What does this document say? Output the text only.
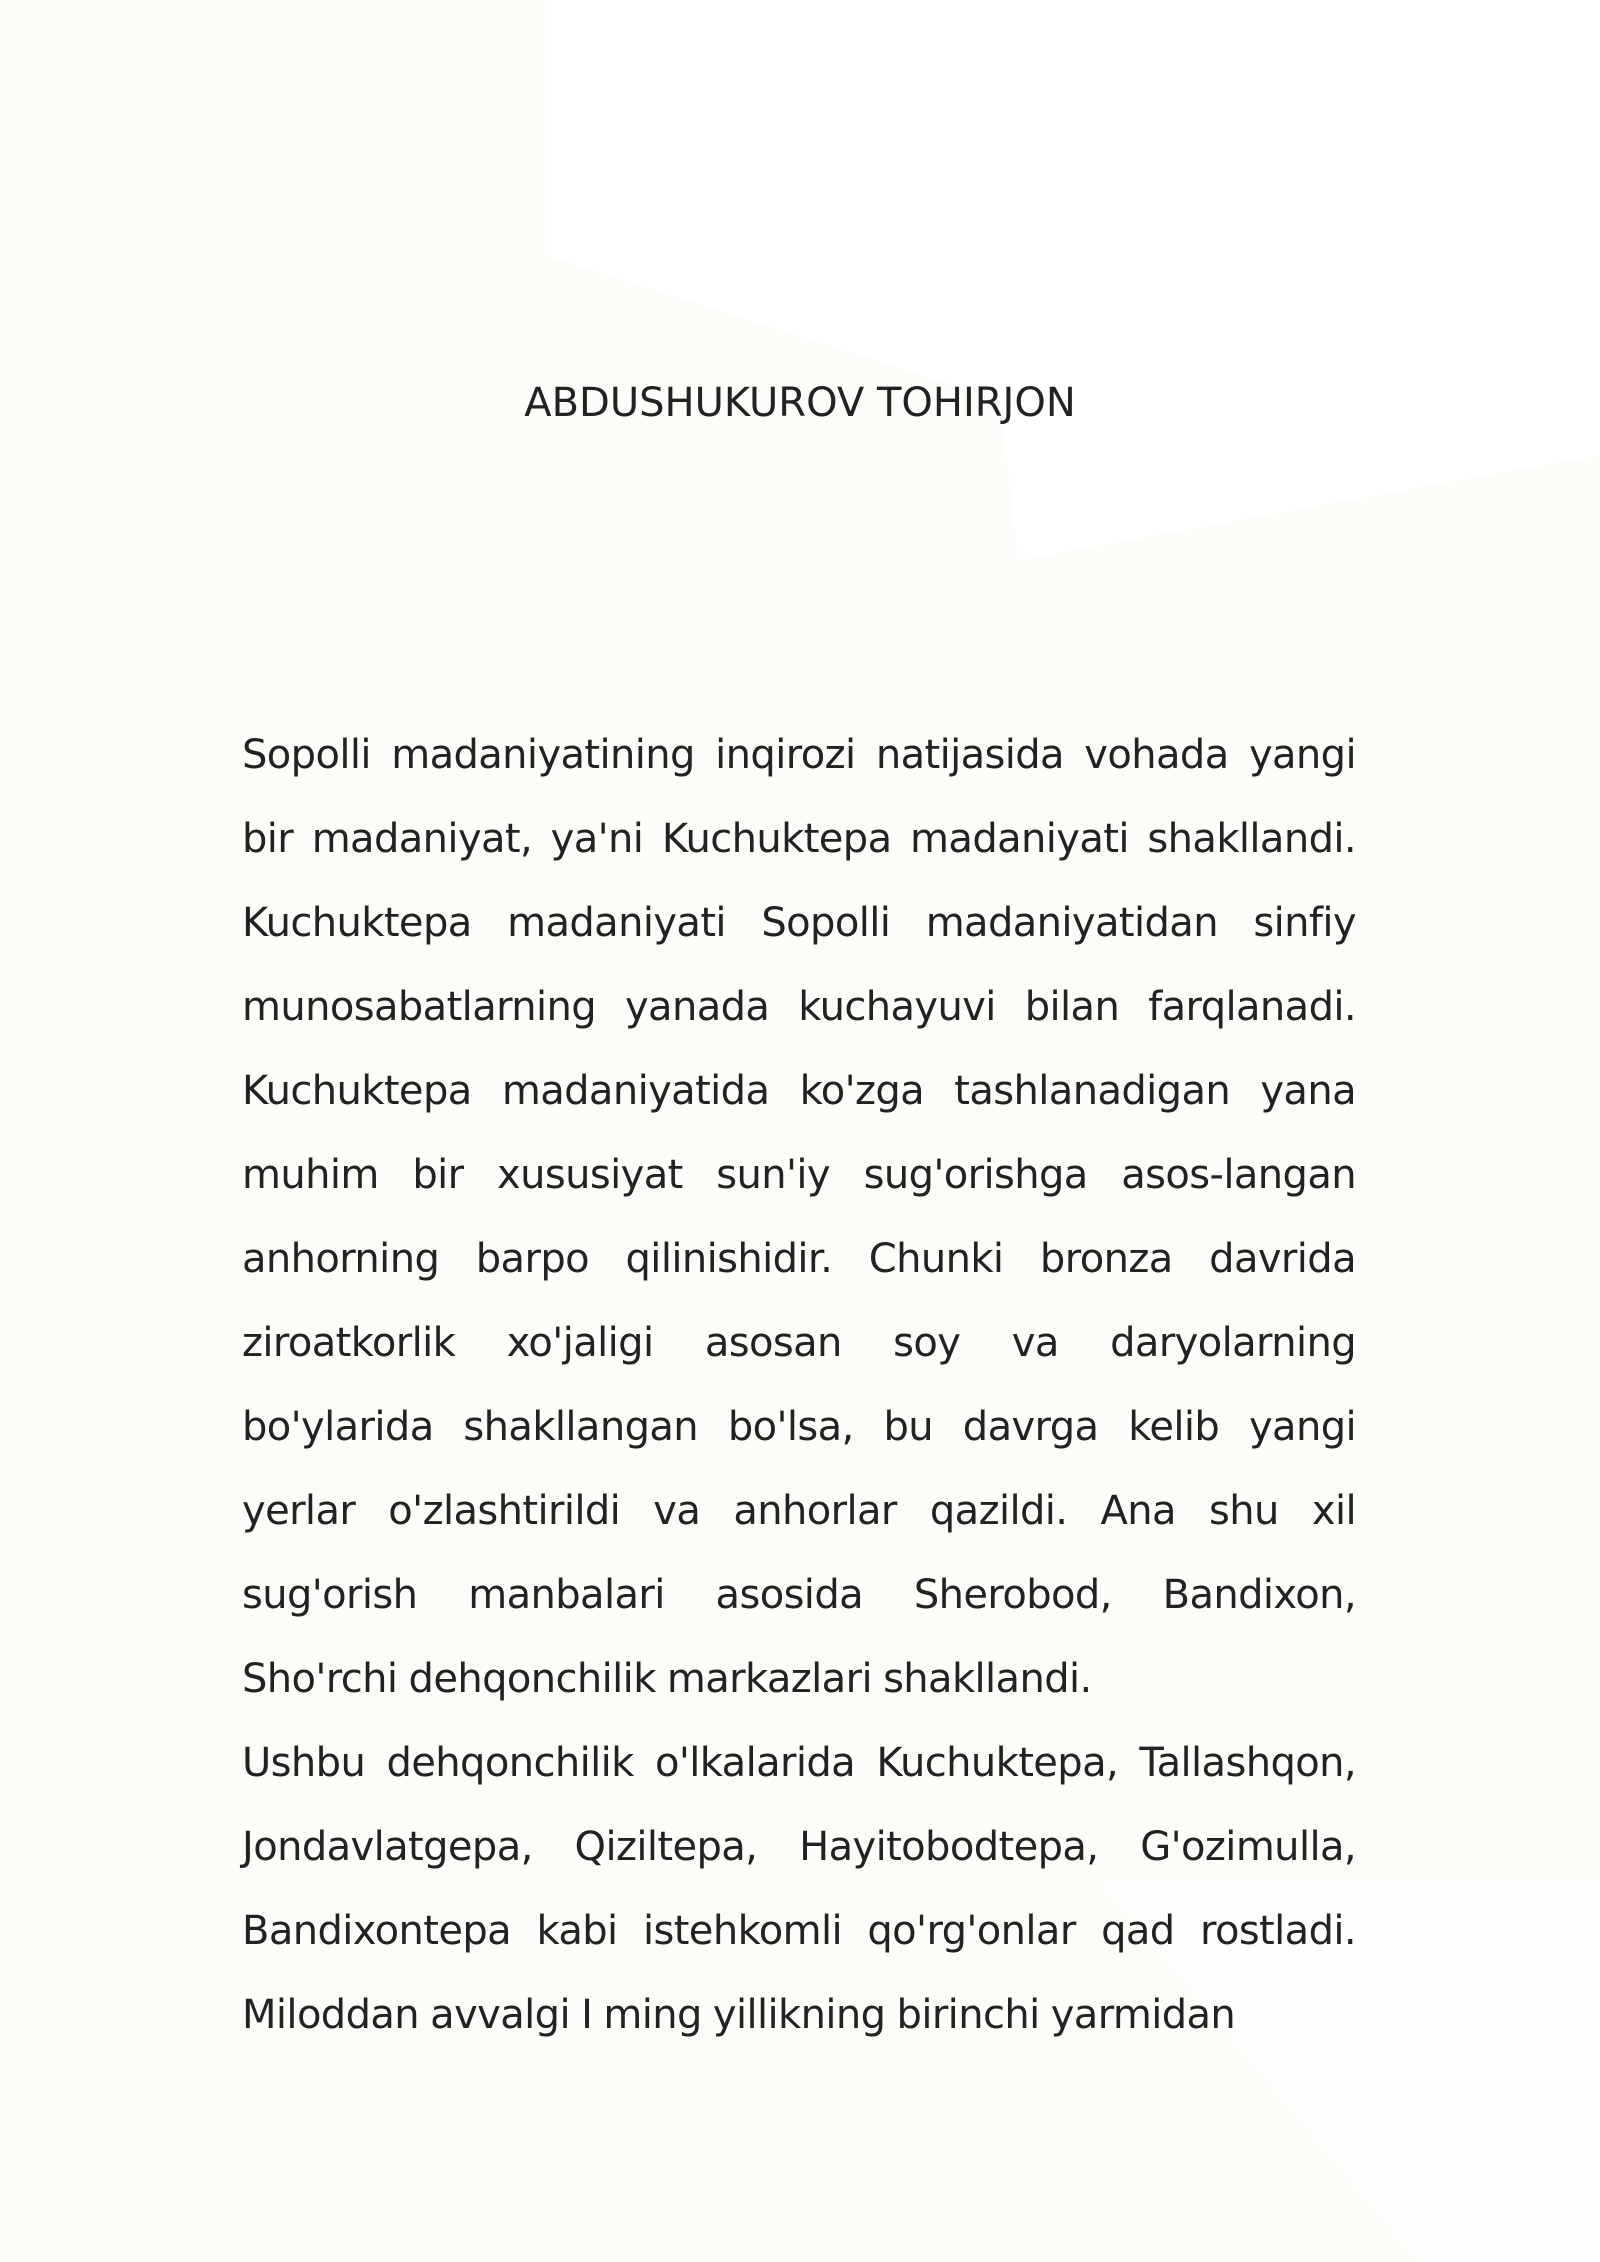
ABDUSHUKUROV TOHIRJON

Sopolli madaniyatining inqirozi natijasida vohada yangi bir madaniyat, ya'ni Kuchuktepa madaniyati shakllandi. Kuchuktepa madaniyati Sopolli madaniyatidan sinfiy munosabatlarning yanada kuchayuvi bilan farqlanadi. Kuchuktepa madaniyatida ko'zga tashlanadigan yana muhim bir xususiyat sun'iy sug'orishga asos-langan anhorning barpo qilinishidir. Chunki bronza davrida ziroatkorlik xo'jaligi asosan soy va daryolarning bo'ylarida shakllangan bo'lsa, bu davrga kelib yangi yerlar o'zlashtirildi va anhorlar qazildi. Ana shu xil sug'orish manbalari asosida Sherobod, Bandixon, Sho'rchi dehqonchilik markazlari shakllandi.

Ushbu dehqonchilik o'lkalarida Kuchuktepa, Tallashqon, Jondavlatgepa, Qiziltepa, Hayitobodtepa, G'ozimulla, Bandixontepa kabi istehkomli qo'rg'onlar qad rostladi. Miloddan avvalgi I ming yillikning birinchi yarmidan
